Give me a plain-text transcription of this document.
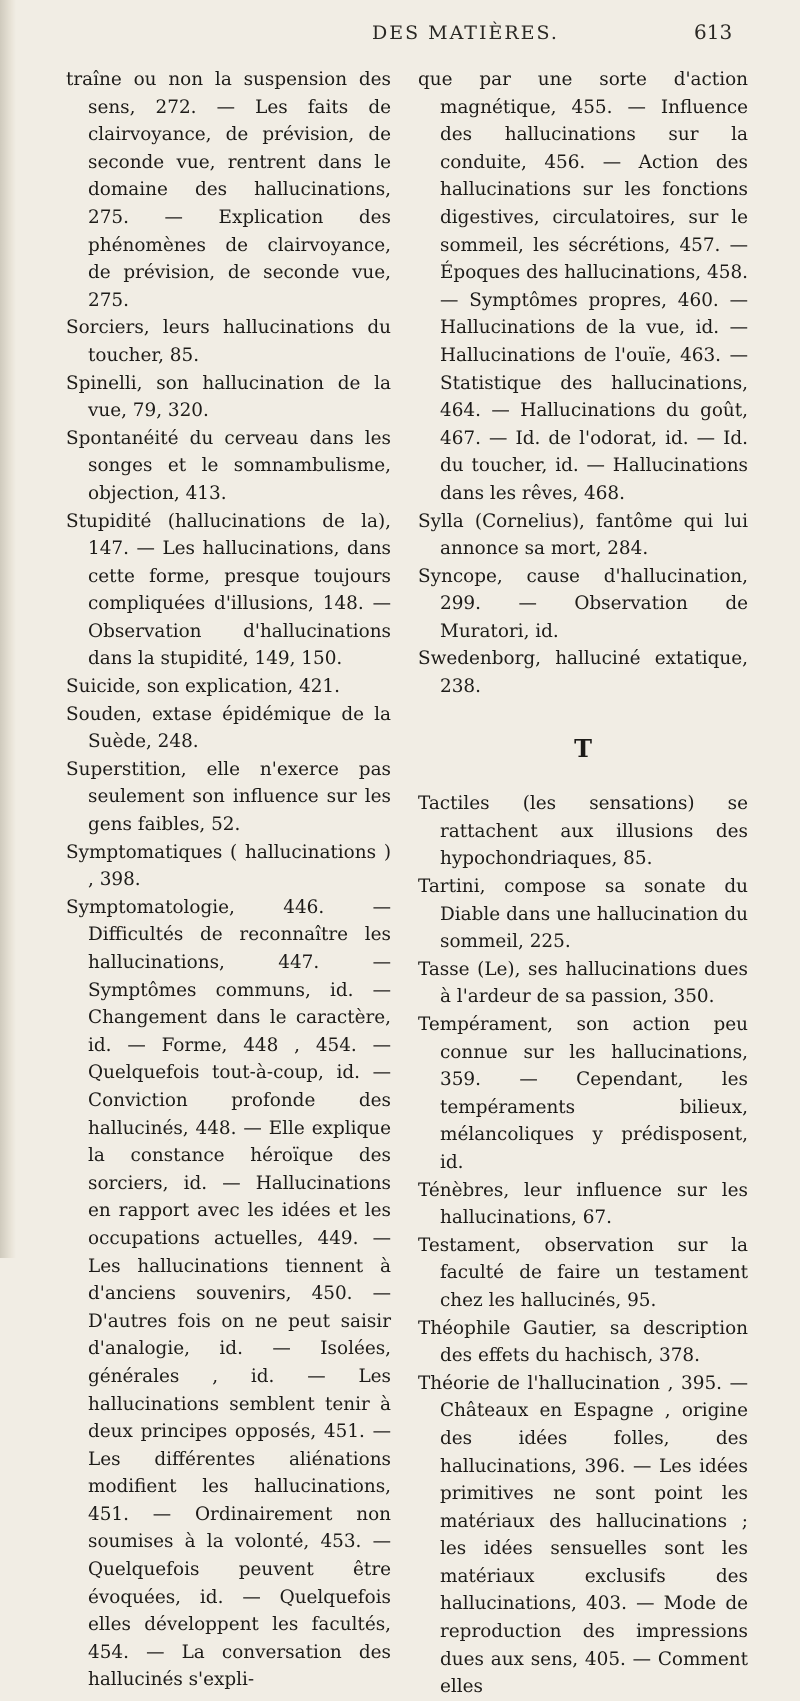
DES MATIÈRES.	613

traîne ou non la suspension des sens, 272. — Les faits de clairvoyance, de prévision, de seconde vue, rentrent dans le domaine des hallucinations, 275. — Explication des phénomènes de clairvoyance, de prévision, de seconde vue, 275.

Sorciers, leurs hallucinations du toucher, 85.

Spinelli, son hallucination de la vue, 79, 320.

Spontanéité du cerveau dans les songes et le somnambulisme, objection, 413.

Stupidité (hallucinations de la), 147. — Les hallucinations, dans cette forme, presque toujours compliquées d'illusions, 148. — Observation d'hallucinations dans la stupidité, 149, 150.

Suicide, son explication, 421.

Souden, extase épidémique de la Suède, 248.

Superstition, elle n'exerce pas seulement son influence sur les gens faibles, 52.

Symptomatiques ( hallucinations ) , 398.

Symptomatologie, 446. — Difficultés de reconnaître les hallucinations, 447. — Symptômes communs, id. — Changement dans le caractère, id. — Forme, 448 , 454. — Quelquefois tout-à-coup, id. — Conviction profonde des hallucinés, 448. — Elle explique la constance héroïque des sorciers, id. — Hallucinations en rapport avec les idées et les occupations actuelles, 449. — Les hallucinations tiennent à d'anciens souvenirs, 450. — D'autres fois on ne peut saisir d'analogie, id. — Isolées, générales , id. — Les hallucinations semblent tenir à deux principes opposés, 451. — Les différentes aliénations modifient les hallucinations, 451. — Ordinairement non soumises à la volonté, 453. — Quelquefois peuvent être évoquées, id. — Quelquefois elles développent les facultés, 454. — La conversation des hallucinés s'expli-

que par une sorte d'action magnétique, 455. — Influence des hallucinations sur la conduite, 456. — Action des hallucinations sur les fonctions digestives, circulatoires, sur le sommeil, les sécrétions, 457. — Époques des hallucinations, 458. — Symptômes propres, 460. — Hallucinations de la vue, id. — Hallucinations de l'ouïe, 463. — Statistique des hallucinations, 464. — Hallucinations du goût, 467. — Id. de l'odorat, id. — Id. du toucher, id. — Hallucinations dans les rêves, 468.

Sylla (Cornelius), fantôme qui lui annonce sa mort, 284.

Syncope, cause d'hallucination, 299. — Observation de Muratori, id.

Swedenborg, halluciné extatique, 238.

T

Tactiles (les sensations) se rattachent aux illusions des hypochondriaques, 85.

Tartini, compose sa sonate du Diable dans une hallucination du sommeil, 225.

Tasse (Le), ses hallucinations dues à l'ardeur de sa passion, 350.

Tempérament, son action peu connue sur les hallucinations, 359. — Cependant, les tempéraments bilieux, mélancoliques y prédisposent, id.

Ténèbres, leur influence sur les hallucinations, 67.

Testament, observation sur la faculté de faire un testament chez les hallucinés, 95.

Théophile Gautier, sa description des effets du hachisch, 378.

Théorie de l'hallucination , 395. — Châteaux en Espagne , origine des idées folles, des hallucinations, 396. — Les idées primitives ne sont point les matériaux des hallucinations ; les idées sensuelles sont les matériaux exclusifs des hallucinations, 403. — Mode de reproduction des impressions dues aux sens, 405. — Comment elles
